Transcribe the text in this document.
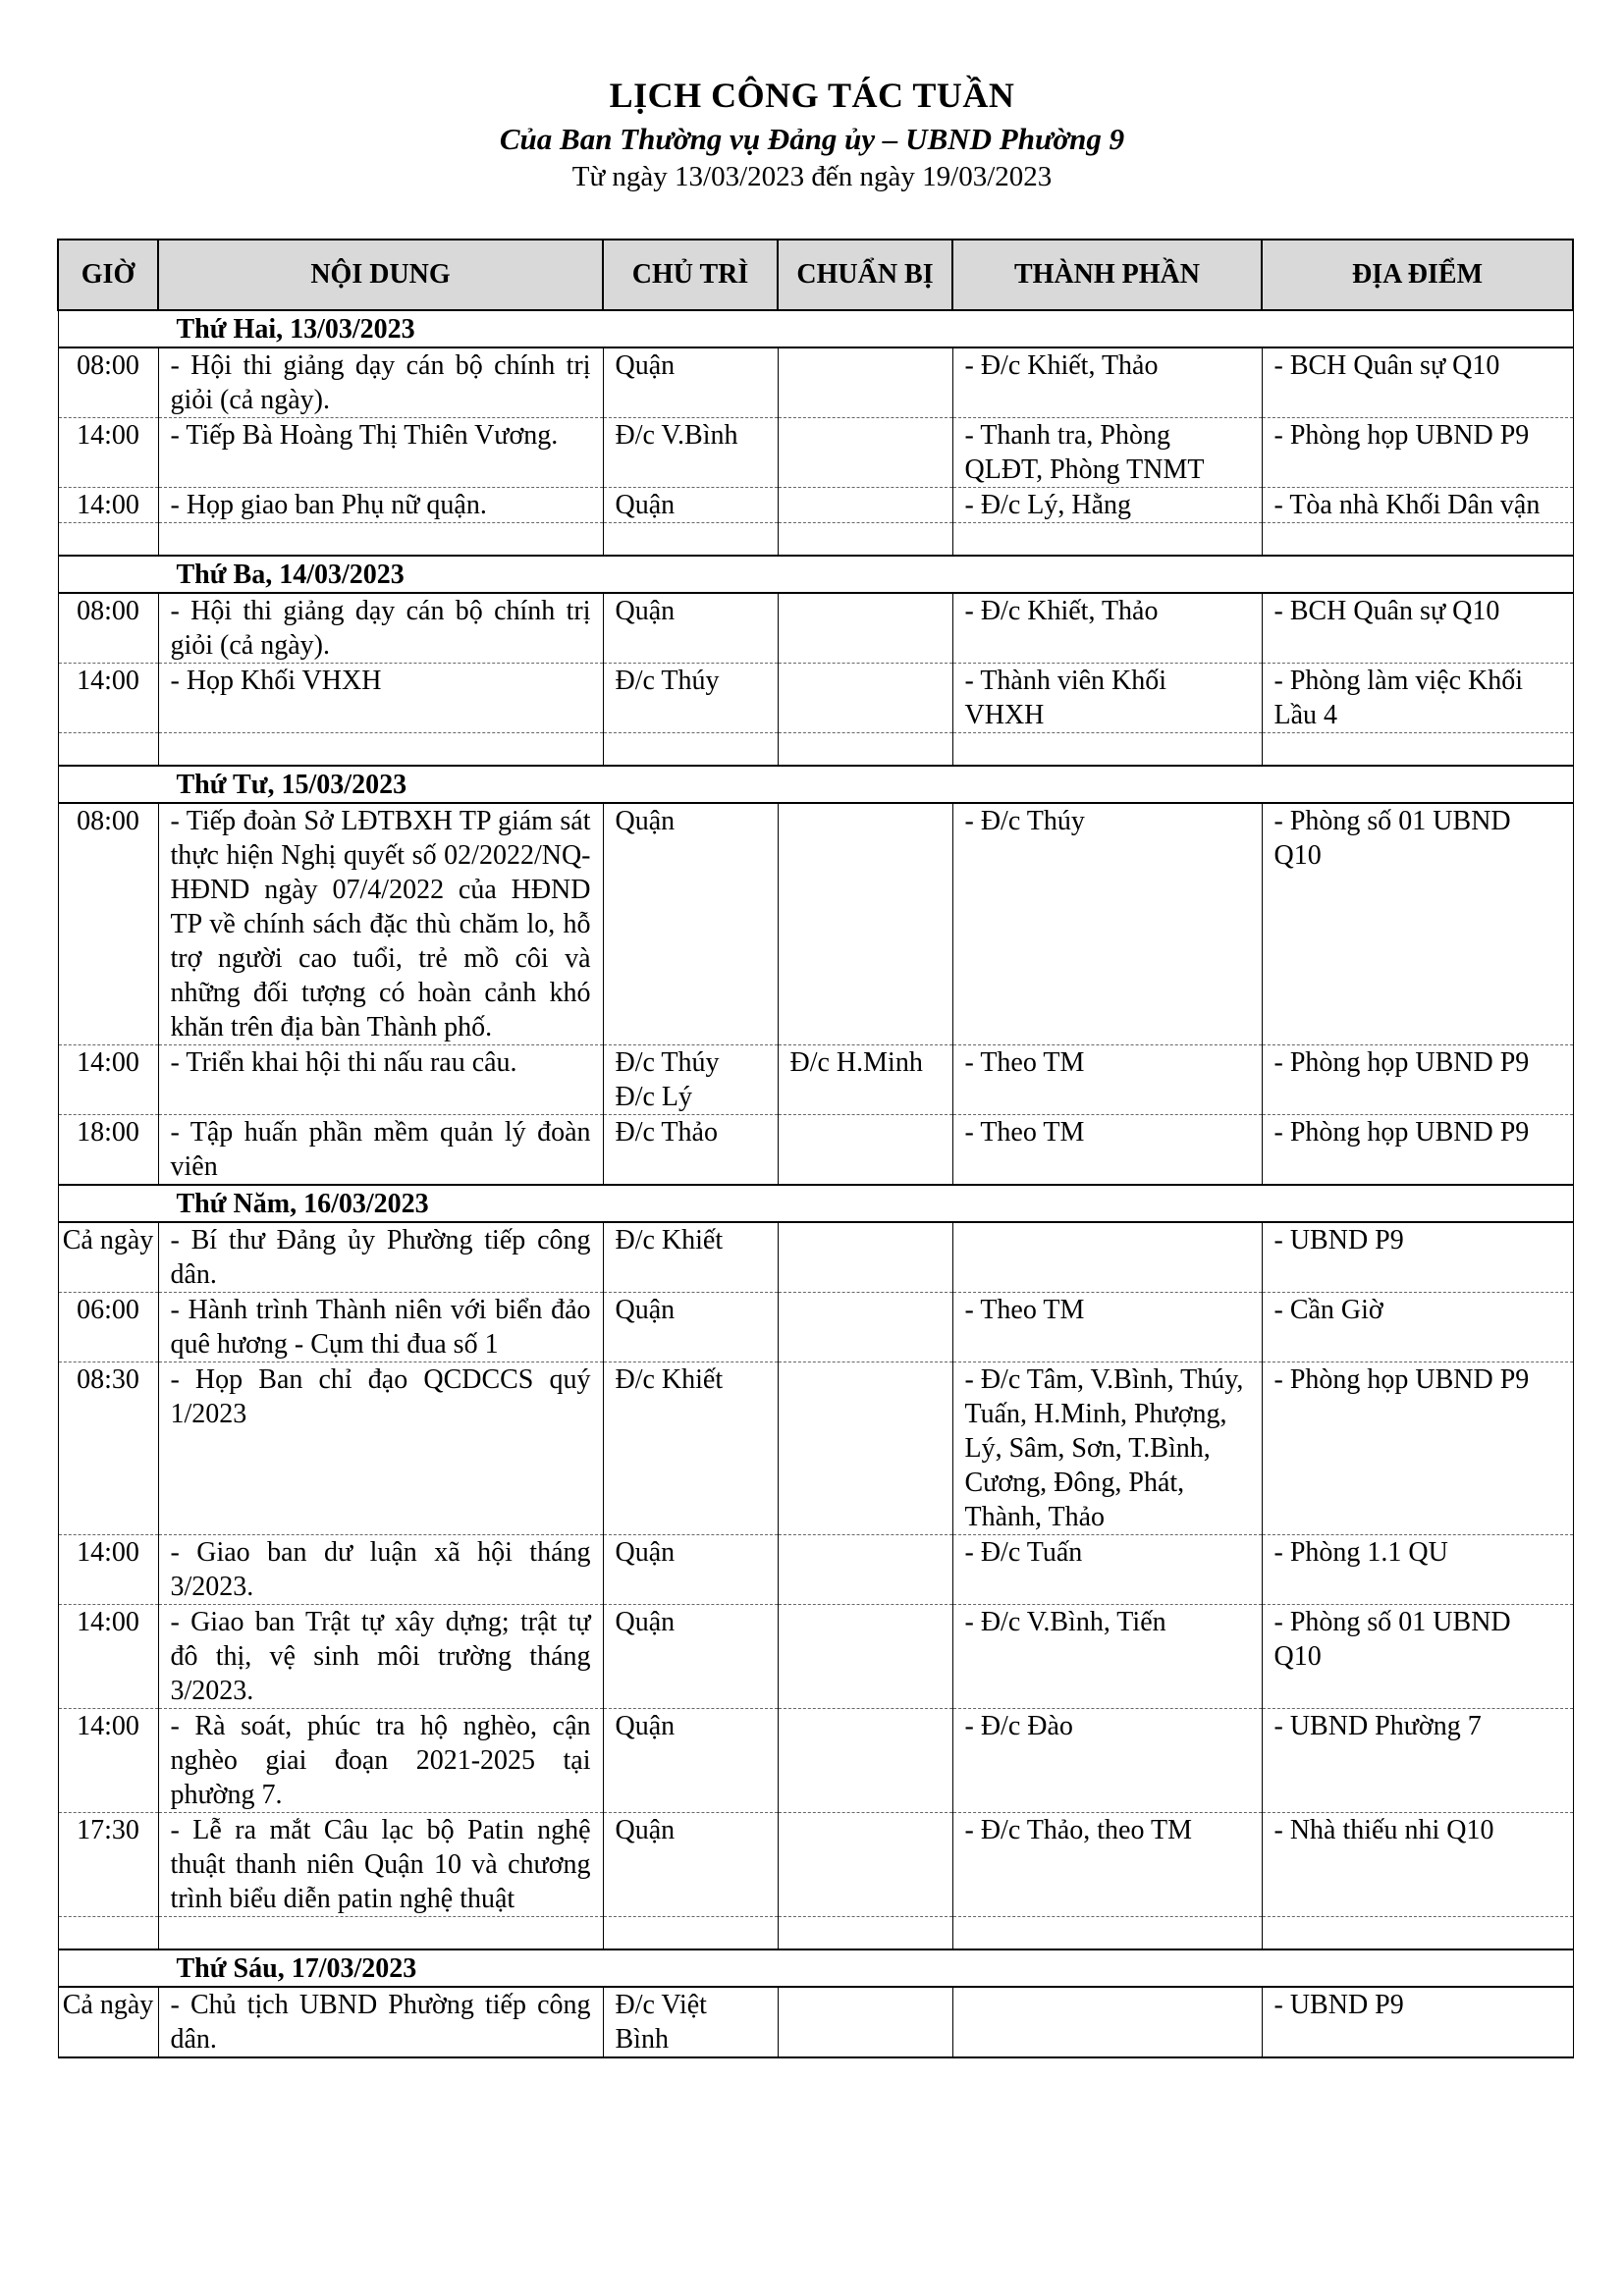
LỊCH CÔNG TÁC TUẦN
Của Ban Thường vụ Đảng ủy – UBND Phường 9
Từ ngày 13/03/2023 đến ngày 19/03/2023
GIỜ	NỘI DUNG	CHỦ TRÌ	CHUẨN BỊ	THÀNH PHẦN	ĐỊA ĐIỂM
Thứ Hai, 13/03/2023					
08:00	- Hội thi giảng dạy cán bộ chính trị giỏi (cả ngày).	Quận		- Đ/c Khiết, Thảo	- BCH Quân sự Q10
14:00	- Tiếp Bà Hoàng Thị Thiên Vương.	Đ/c V.Bình		- Thanh tra, Phòng QLĐT, Phòng TNMT	- Phòng họp UBND P9
14:00	- Họp giao ban Phụ nữ quận.	Quận		- Đ/c Lý, Hằng	- Tòa nhà Khối Dân vận

Thứ Ba, 14/03/2023					
08:00	- Hội thi giảng dạy cán bộ chính trị giỏi (cả ngày).	Quận		- Đ/c Khiết, Thảo	- BCH Quân sự Q10
14:00	- Họp Khối VHXH	Đ/c Thúy		- Thành viên Khối VHXH	- Phòng làm việc Khối Lầu 4

Thứ Tư, 15/03/2023					
08:00	- Tiếp đoàn Sở LĐTBXH TP giám sát thực hiện Nghị quyết số 02/2022/NQ-HĐND ngày 07/4/2022 của HĐND TP về chính sách đặc thù chăm lo, hỗ trợ người cao tuổi, trẻ mồ côi và những đối tượng có hoàn cảnh khó khăn trên địa bàn Thành phố.	Quận		- Đ/c Thúy	- Phòng số 01 UBND Q10
14:00	- Triển khai hội thi nấu rau câu.	Đ/c Thúy Đ/c Lý	Đ/c H.Minh	- Theo TM	- Phòng họp UBND P9
18:00	- Tập huấn phần mềm quản lý đoàn viên	Đ/c Thảo		- Theo TM	- Phòng họp UBND P9
Thứ Năm, 16/03/2023					
Cả ngày	- Bí thư Đảng ủy Phường tiếp công dân.	Đ/c Khiết			- UBND P9
06:00	- Hành trình Thành niên với biển đảo quê hương - Cụm thi đua số 1	Quận		- Theo TM	- Cần Giờ
08:30	- Họp Ban chỉ đạo QCDCCS quý 1/2023	Đ/c Khiết		- Đ/c Tâm, V.Bình, Thúy, Tuấn, H.Minh, Phượng, Lý, Sâm, Sơn, T.Bình, Cương, Đông, Phát, Thành, Thảo	- Phòng họp UBND P9
14:00	- Giao ban dư luận xã hội tháng 3/2023.	Quận		- Đ/c Tuấn	- Phòng 1.1 QU
14:00	- Giao ban Trật tự xây dựng; trật tự đô thị, vệ sinh môi trường tháng 3/2023.	Quận		- Đ/c V.Bình, Tiến	- Phòng số 01 UBND Q10
14:00	- Rà soát, phúc tra hộ nghèo, cận nghèo giai đoạn 2021-2025 tại phường 7.	Quận		- Đ/c Đào	- UBND Phường 7
17:30	- Lễ ra mắt Câu lạc bộ Patin nghệ thuật thanh niên Quận 10 và chương trình biểu diễn patin nghệ thuật	Quận		- Đ/c Thảo, theo TM	- Nhà thiếu nhi Q10

Thứ Sáu, 17/03/2023					
Cả ngày	- Chủ tịch UBND Phường tiếp công dân.	Đ/c Việt Bình			- UBND P9
